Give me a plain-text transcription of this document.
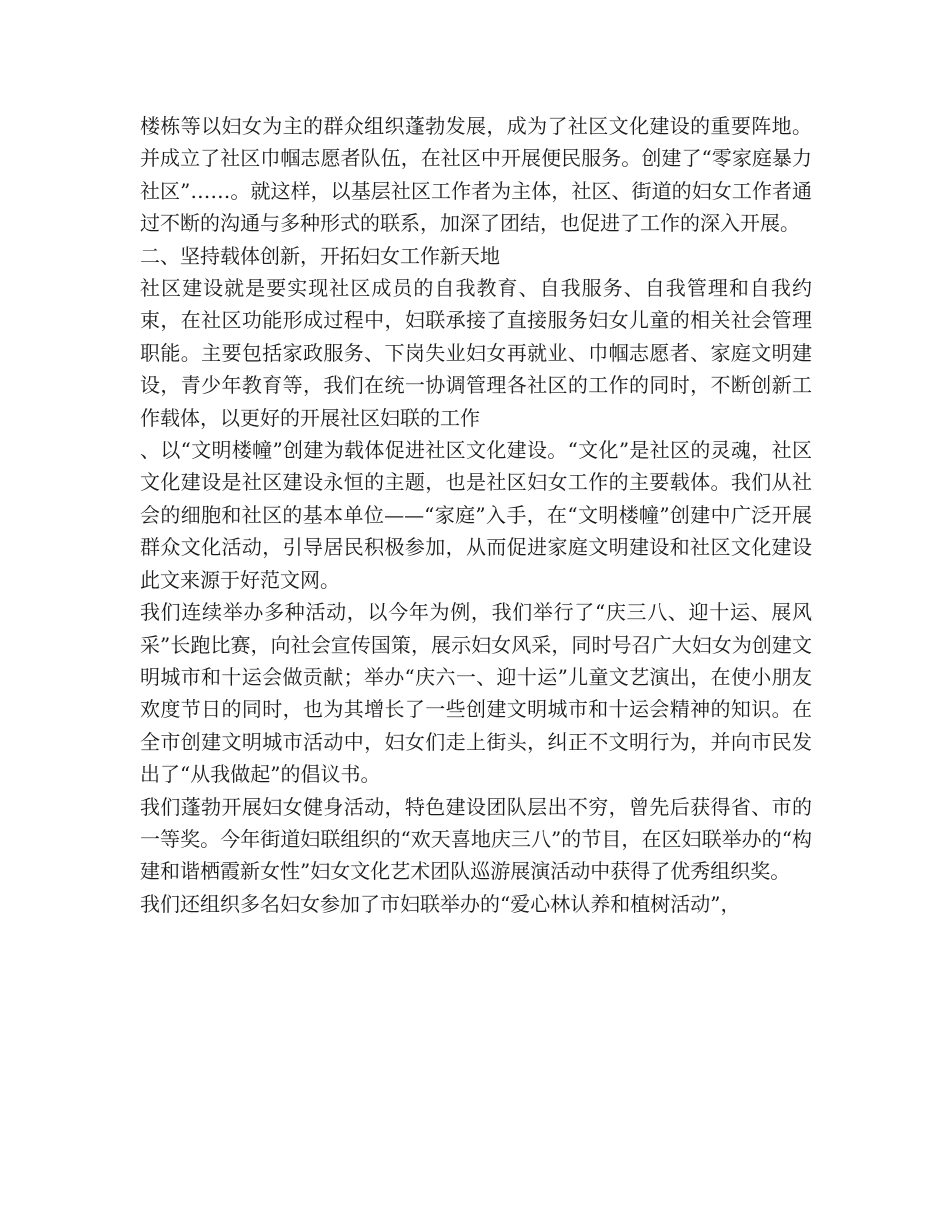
楼栋等以妇女为主的群众组织蓬勃发展，成为了社区文化建设的重要阵地。并成立了社区巾帼志愿者队伍，在社区中开展便民服务。创建了“零家庭暴力社区”……。就这样，以基层社区工作者为主体，社区、街道的妇女工作者通过不断的沟通与多种形式的联系，加深了团结，也促进了工作的深入开展。

二、坚持载体创新，开拓妇女工作新天地

社区建设就是要实现社区成员的自我教育、自我服务、自我管理和自我约束，在社区功能形成过程中，妇联承接了直接服务妇女儿童的相关社会管理职能。主要包括家政服务、下岗失业妇女再就业、巾帼志愿者、家庭文明建设，青少年教育等，我们在统一协调管理各社区的工作的同时，不断创新工作载体，以更好的开展社区妇联的工作

、以“文明楼幢”创建为载体促进社区文化建设。“文化”是社区的灵魂，社区文化建设是社区建设永恒的主题，也是社区妇女工作的主要载体。我们从社会的细胞和社区的基本单位——“家庭”入手，在“文明楼幢”创建中广泛开展群众文化活动，引导居民积极参加，从而促进家庭文明建设和社区文化建设此文来源于好范文网。

我们连续举办多种活动，以今年为例，我们举行了“庆三八、迎十运、展风采”长跑比赛，向社会宣传国策，展示妇女风采，同时号召广大妇女为创建文明城市和十运会做贡献；举办“庆六一、迎十运”儿童文艺演出，在使小朋友欢度节日的同时，也为其增长了一些创建文明城市和十运会精神的知识。在全市创建文明城市活动中，妇女们走上街头，纠正不文明行为，并向市民发出了“从我做起”的倡议书。

我们蓬勃开展妇女健身活动，特色建设团队层出不穷，曾先后获得省、市的一等奖。今年街道妇联组织的“欢天喜地庆三八”的节目，在区妇联举办的“构建和谐栖霞新女性”妇女文化艺术团队巡游展演活动中获得了优秀组织奖。

我们还组织多名妇女参加了市妇联举办的“爱心林认养和植树活动”，
